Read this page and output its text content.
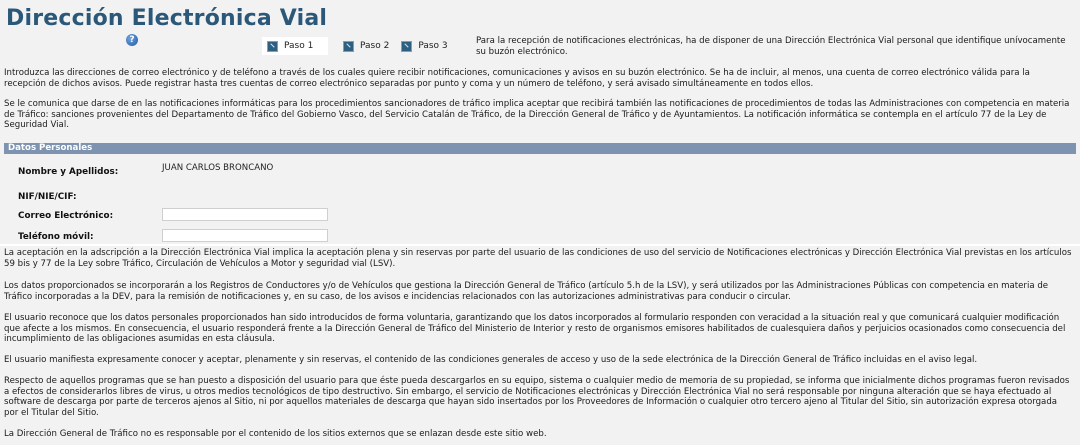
Dirección Electrónica Vial
?
Paso 1	Paso 2	Paso 3	Para la recepción de notificaciones electrónicas, ha de disponer de una Dirección Electrónica Vial personal que identifique unívocamente su buzón electrónico.
Introduzca las direcciones de correo electrónico y de teléfono a través de los cuales quiere recibir notificaciones, comunicaciones y avisos en su buzón electrónico. Se ha de incluir, al menos, una cuenta de correo electrónico válida para la recepción de dichos avisos. Puede registrar hasta tres cuentas de correo electrónico separadas por punto y coma y un número de teléfono, y será avisado simultáneamente en todos ellos.
Se le comunica que darse de en las notificaciones informáticas para los procedimientos sancionadores de tráfico implica aceptar que recibirá también las notificaciones de procedimientos de todas las Administraciones con competencia en materia de Tráfico: sanciones provenientes del Departamento de Tráfico del Gobierno Vasco, del Servicio Catalán de Tráfico, de la Dirección General de Tráfico y de Ayuntamientos. La notificación informática se contempla en el artículo 77 de la Ley de Seguridad Vial.
Datos Personales
Nombre y Apellidos:	JUAN CARLOS BRONCANO
NIF/NIE/CIF:
Correo Electrónico:
Teléfono móvil:
La aceptación en la adscripción a la Dirección Electrónica Vial implica la aceptación plena y sin reservas por parte del usuario de las condiciones de uso del servicio de Notificaciones electrónicas y Dirección Electrónica Vial previstas en los artículos 59 bis y 77 de la Ley sobre Tráfico, Circulación de Vehículos a Motor y seguridad vial (LSV).
Los datos proporcionados se incorporarán a los Registros de Conductores y/o de Vehículos que gestiona la Dirección General de Tráfico (artículo 5.h de la LSV), y será utilizados por las Administraciones Públicas con competencia en materia de Tráfico incorporadas a la DEV, para la remisión de notificaciones y, en su caso, de los avisos e incidencias relacionados con las autorizaciones administrativas para conducir o circular.
El usuario reconoce que los datos personales proporcionados han sido introducidos de forma voluntaria, garantizando que los datos incorporados al formulario responden con veracidad a la situación real y que comunicará cualquier modificación que afecte a los mismos. En consecuencia, el usuario responderá frente a la Dirección General de Tráfico del Ministerio de Interior y resto de organismos emisores habilitados de cualesquiera daños y perjuicios ocasionados como consecuencia del incumplimiento de las obligaciones asumidas en esta cláusula.
El usuario manifiesta expresamente conocer y aceptar, plenamente y sin reservas, el contenido de las condiciones generales de acceso y uso de la sede electrónica de la Dirección General de Tráfico incluidas en el aviso legal.
Respecto de aquellos programas que se han puesto a disposición del usuario para que éste pueda descargarlos en su equipo, sistema o cualquier medio de memoria de su propiedad, se informa que inicialmente dichos programas fueron revisados a efectos de considerarlos libres de virus, u otros medios tecnológicos de tipo destructivo. Sin embargo, el servicio de Notificaciones electrónicas y Dirección Electrónica Vial no será responsable por ninguna alteración que se haya efectuado al software de descarga por parte de terceros ajenos al Sitio, ni por aquellos materiales de descarga que hayan sido insertados por los Proveedores de Información o cualquier otro tercero ajeno al Titular del Sitio, sin autorización expresa otorgada por el Titular del Sitio.
La Dirección General de Tráfico no es responsable por el contenido de los sitios externos que se enlazan desde este sitio web.
